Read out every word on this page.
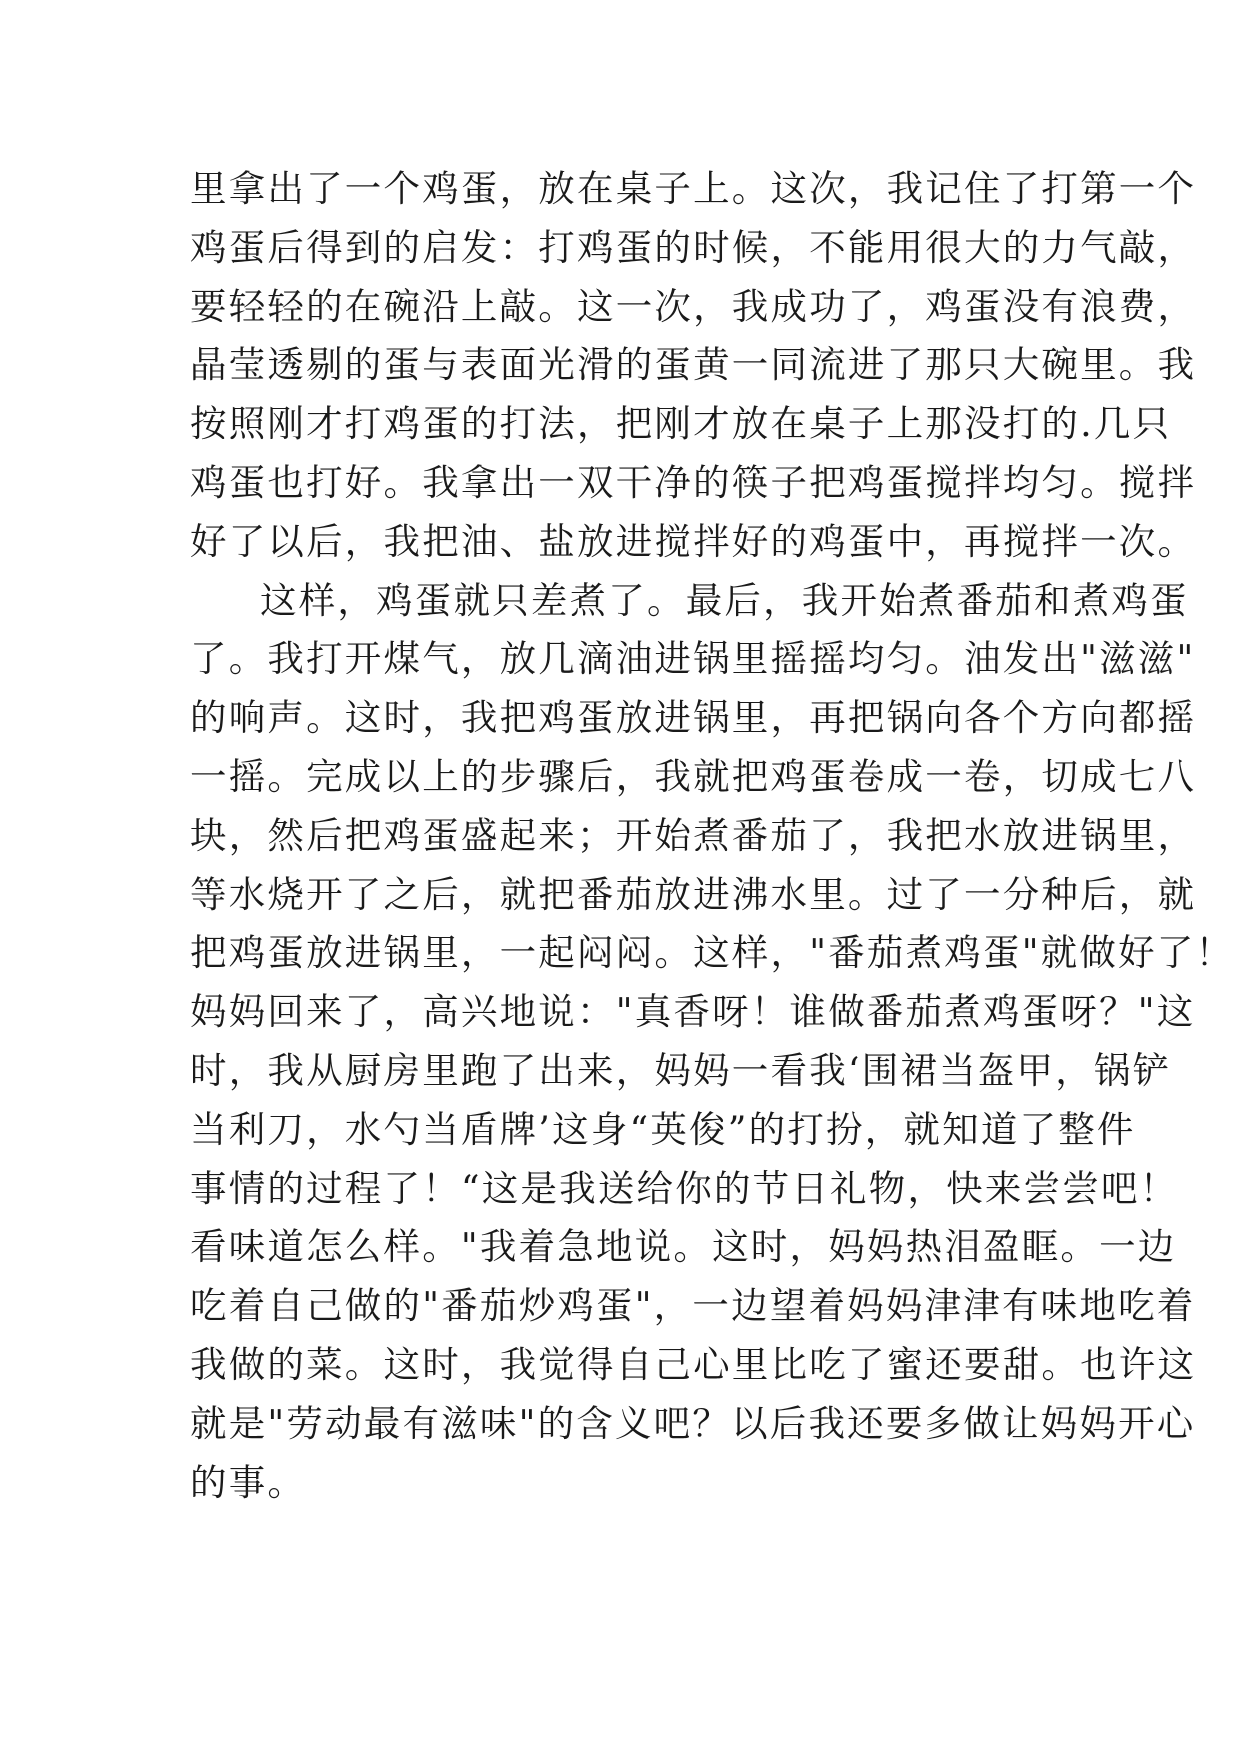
里拿出了一个鸡蛋，放在桌子上。这次，我记住了打第一个
鸡蛋后得到的启发：打鸡蛋的时候，不能用很大的力气敲，
要轻轻的在碗沿上敲。这一次，我成功了，鸡蛋没有浪费，
晶莹透剔的蛋与表面光滑的蛋黄一同流进了那只大碗里。我
按照刚才打鸡蛋的打法，把刚才放在桌子上那没打的.几只
鸡蛋也打好。我拿出一双干净的筷子把鸡蛋搅拌均匀。搅拌
好了以后，我把油、盐放进搅拌好的鸡蛋中，再搅拌一次。
这样，鸡蛋就只差煮了。最后，我开始煮番茄和煮鸡蛋
了。我打开煤气，放几滴油进锅里摇摇均匀。油发出"滋滋"
的响声。这时，我把鸡蛋放进锅里，再把锅向各个方向都摇
一摇。完成以上的步骤后，我就把鸡蛋卷成一卷，切成七八
块，然后把鸡蛋盛起来；开始煮番茄了，我把水放进锅里，
等水烧开了之后，就把番茄放进沸水里。过了一分种后，就
把鸡蛋放进锅里，一起闷闷。这样，"番茄煮鸡蛋"就做好了！
妈妈回来了，高兴地说："真香呀！谁做番茄煮鸡蛋呀？"这
时，我从厨房里跑了出来，妈妈一看我‘围裙当盔甲，锅铲
当利刀，水勺当盾牌’这身“英俊”的打扮，就知道了整件
事情的过程了！“这是我送给你的节日礼物，快来尝尝吧！
看味道怎么样。"我着急地说。这时，妈妈热泪盈眶。一边
吃着自己做的"番茄炒鸡蛋"，一边望着妈妈津津有味地吃着
我做的菜。这时，我觉得自己心里比吃了蜜还要甜。也许这
就是"劳动最有滋味"的含义吧？以后我还要多做让妈妈开心
的事。
